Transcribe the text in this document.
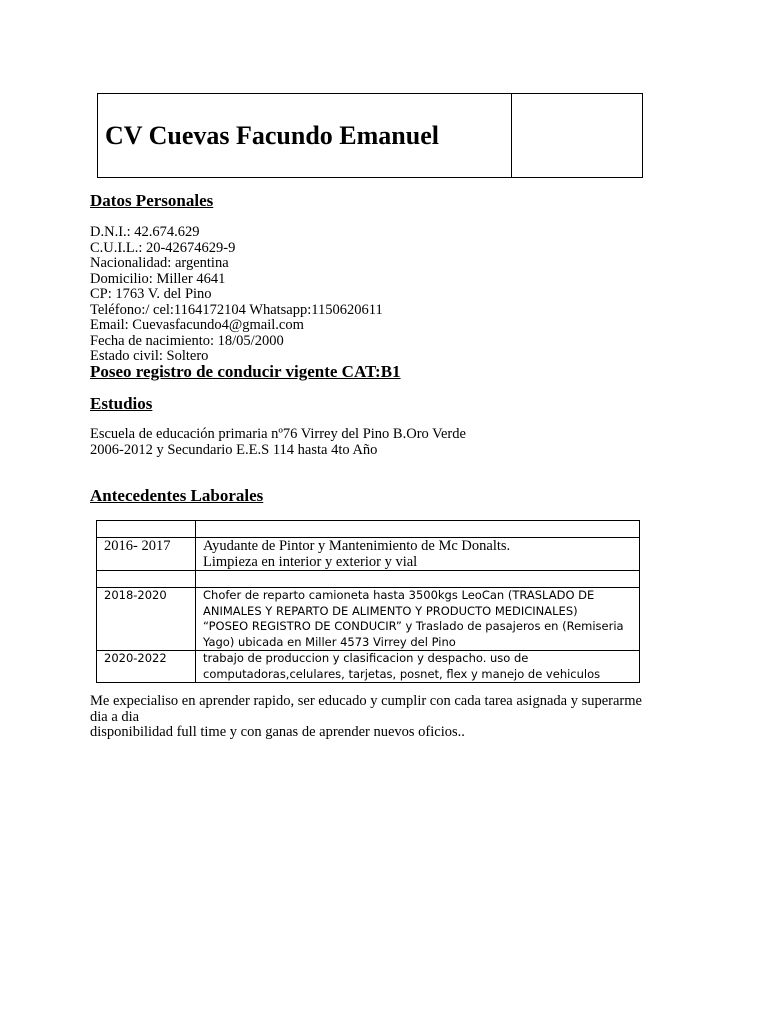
CV Cuevas Facundo Emanuel
Datos Personales
D.N.I.: 42.674.629
C.U.I.L.: 20-42674629-9
Nacionalidad: argentina
Domicilio: Miller 4641
CP: 1763 V. del Pino
Teléfono:/ cel:1164172104 Whatsapp:1150620611
Email: Cuevasfacundo4@gmail.com
Fecha de nacimiento: 18/05/2000
Estado civil: Soltero
Poseo registro de conducir vigente CAT:B1
Estudios
Escuela de educación primaria nº76 Virrey del Pino B.Oro Verde
2006-2012 y Secundario E.E.S 114 hasta 4to Año
Antecedentes Laborales

2016- 2017	Ayudante de Pintor y Mantenimiento de Mc Donalts.
Limpieza en interior y exterior y vial

2018-2020	Chofer de reparto camioneta hasta 3500kgs LeoCan (TRASLADO DE
ANIMALES Y REPARTO DE ALIMENTO Y PRODUCTO MEDICINALES)
“POSEO REGISTRO DE CONDUCIR” y Traslado de pasajeros en (Remiseria
Yago) ubicada en Miller 4573 Virrey del Pino

2020-2022	trabajo de produccion y clasificacion y despacho. uso de
computadoras,celulares, tarjetas, posnet, flex y manejo de vehiculos
Me expecialiso en aprender rapido, ser educado y cumplir con cada tarea asignada y superarme
dia a dia
disponibilidad full time y con ganas de aprender nuevos oficios..
